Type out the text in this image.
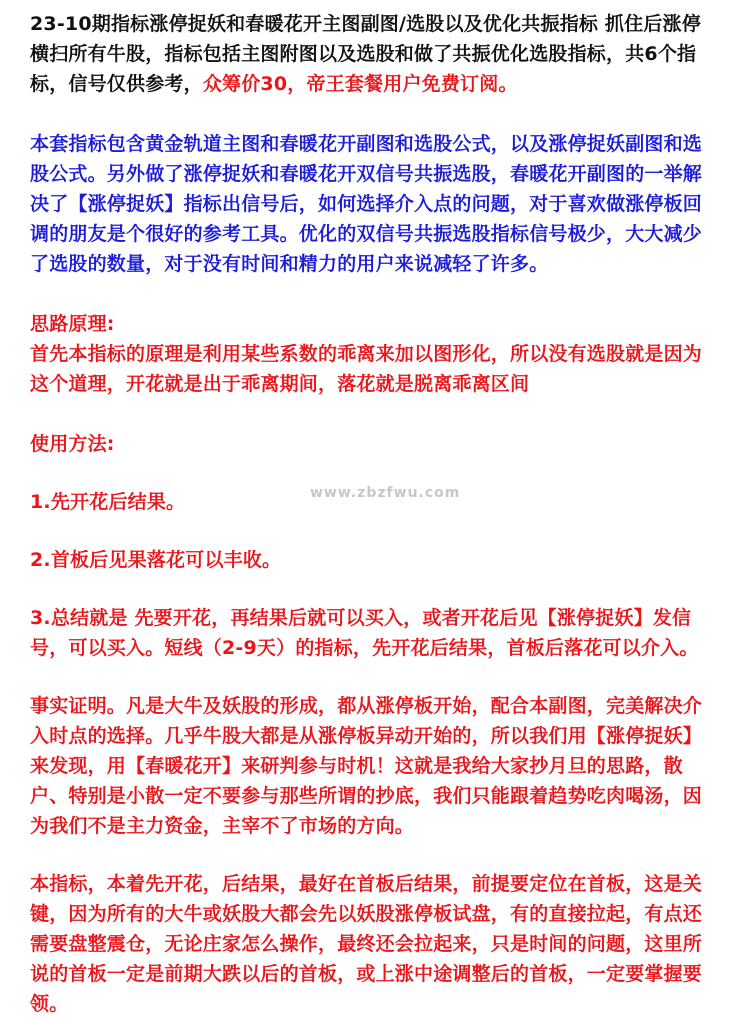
23-10期指标涨停捉妖和春暖花开主图副图/选股以及优化共振指标 抓住后涨停横扫所有牛股，指标包括主图附图以及选股和做了共振优化选股指标，共6个指标，信号仅供参考，众筹价30，帝王套餐用户免费订阅。

本套指标包含黄金轨道主图和春暖花开副图和选股公式，以及涨停捉妖副图和选股公式。另外做了涨停捉妖和春暖花开双信号共振选股，春暖花开副图的一举解决了【涨停捉妖】指标出信号后，如何选择介入点的问题，对于喜欢做涨停板回调的朋友是个很好的参考工具。优化的双信号共振选股指标信号极少，大大减少了选股的数量，对于没有时间和精力的用户来说减轻了许多。

思路原理:

首先本指标的原理是利用某些系数的乖离来加以图形化，所以没有选股就是因为这个道理，开花就是出于乖离期间，落花就是脱离乖离区间

使用方法:

1.先开花后结果。

2.首板后见果落花可以丰收。

3.总结就是 先要开花，再结果后就可以买入，或者开花后见【涨停捉妖】发信号，可以买入。短线（2-9天）的指标，先开花后结果，首板后落花可以介入。

事实证明。凡是大牛及妖股的形成，都从涨停板开始，配合本副图，完美解决介入时点的选择。几乎牛股大都是从涨停板异动开始的，所以我们用【涨停捉妖】来发现，用【春暖花开】来研判参与时机！这就是我给大家抄月旦的思路，散户、特别是小散一定不要参与那些所谓的抄底，我们只能跟着趋势吃肉喝汤，因为我们不是主力资金，主宰不了市场的方向。

本指标，本着先开花，后结果，最好在首板后结果，前提要定位在首板，这是关键，因为所有的大牛或妖股大都会先以妖股涨停板试盘，有的直接拉起，有点还需要盘整震仓，无论庄家怎么操作，最终还会拉起来，只是时间的问题，这里所说的首板一定是前期大跌以后的首板，或上涨中途调整后的首板，一定要掌握要领。

www.zbzfwu.com
